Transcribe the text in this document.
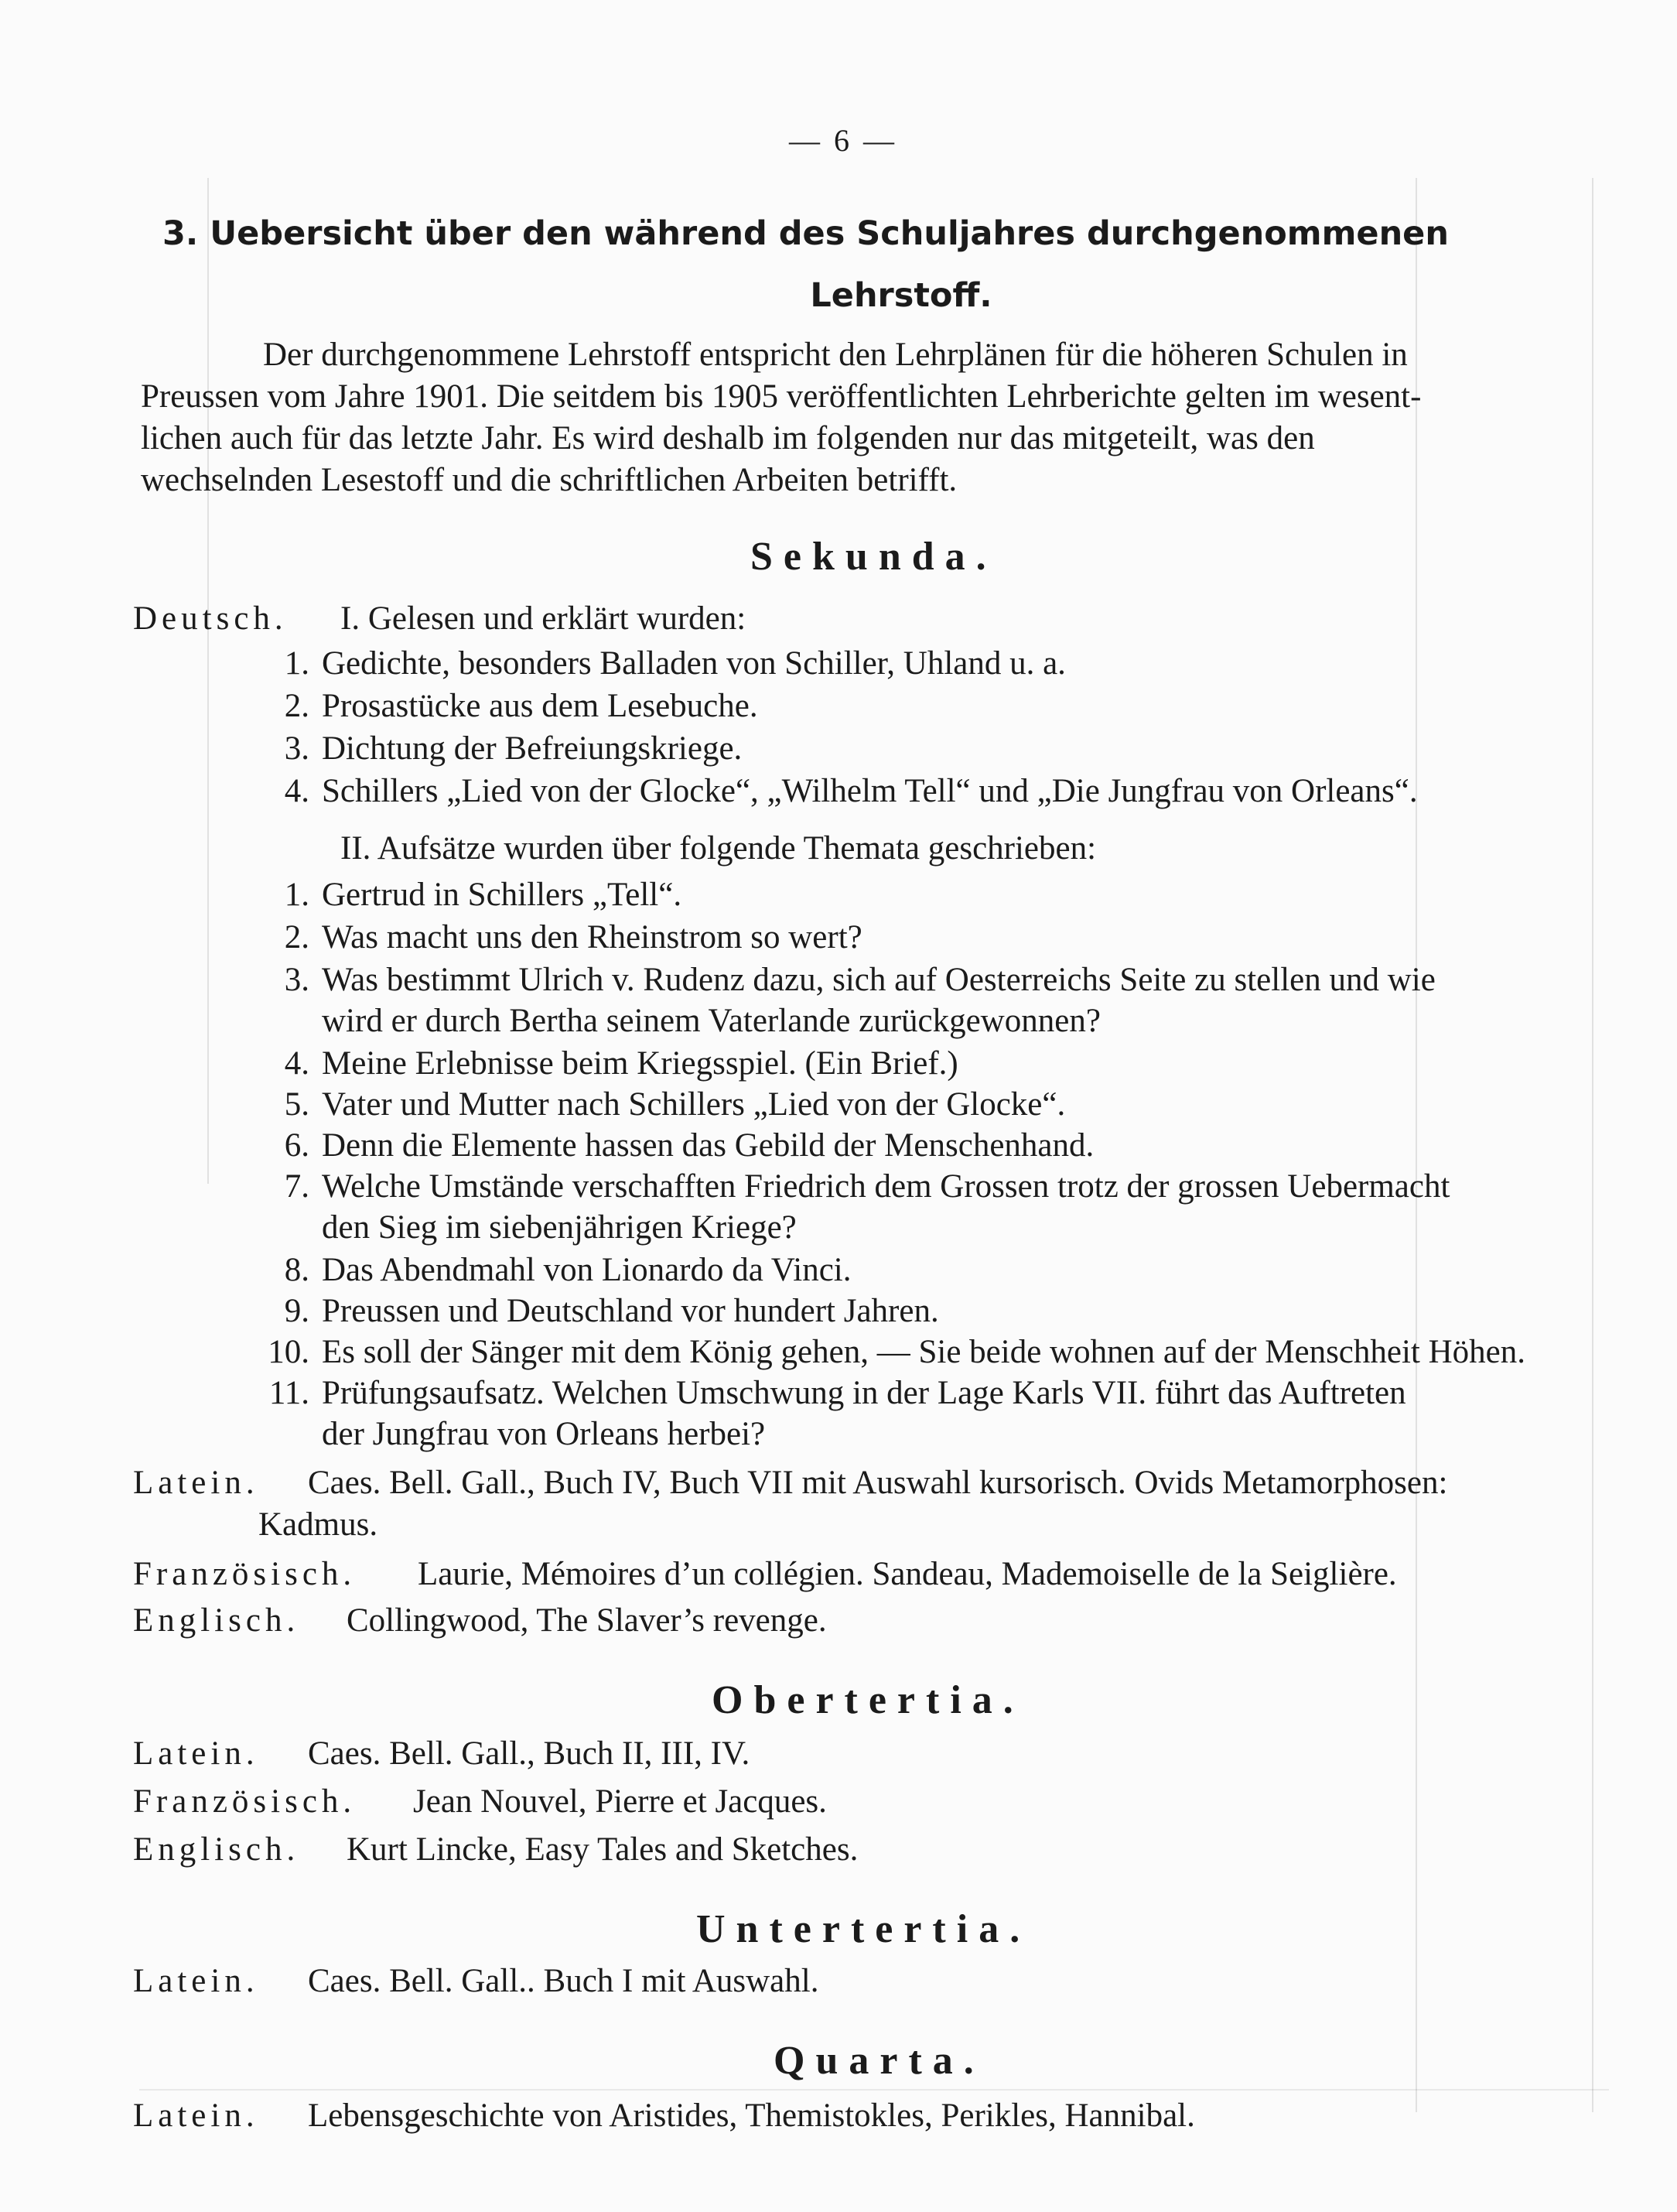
— 6 —
3. Uebersicht über den während des Schuljahres durchgenommenen
Lehrstoff.
Der durchgenommene Lehrstoff entspricht den Lehrplänen für die höheren Schulen in
Preussen vom Jahre 1901. Die seitdem bis 1905 veröffentlichten Lehrberichte gelten im wesent-
lichen auch für das letzte Jahr. Es wird deshalb im folgenden nur das mitgeteilt, was den
wechselnden Lesestoff und die schriftlichen Arbeiten betrifft.
Sekunda.
Deutsch. I. Gelesen und erklärt wurden:
1. Gedichte, besonders Balladen von Schiller, Uhland u. a.
2. Prosastücke aus dem Lesebuche.
3. Dichtung der Befreiungskriege.
4. Schillers „Lied von der Glocke“, „Wilhelm Tell“ und „Die Jungfrau von Orleans“.
II. Aufsätze wurden über folgende Themata geschrieben:
1. Gertrud in Schillers „Tell“.
2. Was macht uns den Rheinstrom so wert?
3. Was bestimmt Ulrich v. Rudenz dazu, sich auf Oesterreichs Seite zu stellen und wie
wird er durch Bertha seinem Vaterlande zurückgewonnen?
4. Meine Erlebnisse beim Kriegsspiel. (Ein Brief.)
5. Vater und Mutter nach Schillers „Lied von der Glocke“.
6. Denn die Elemente hassen das Gebild der Menschenhand.
7. Welche Umstände verschafften Friedrich dem Grossen trotz der grossen Uebermacht
den Sieg im siebenjährigen Kriege?
8. Das Abendmahl von Lionardo da Vinci.
9. Preussen und Deutschland vor hundert Jahren.
10. Es soll der Sänger mit dem König gehen, — Sie beide wohnen auf der Menschheit Höhen.
11. Prüfungsaufsatz. Welchen Umschwung in der Lage Karls VII. führt das Auftreten
der Jungfrau von Orleans herbei?
Latein. Caes. Bell. Gall., Buch IV, Buch VII mit Auswahl kursorisch. Ovids Metamorphosen:
Kadmus.
Französisch. Laurie, Mémoires d’un collégien. Sandeau, Mademoiselle de la Seiglière.
Englisch. Collingwood, The Slaver’s revenge.
Obertertia.
Latein. Caes. Bell. Gall., Buch II, III, IV.
Französisch. Jean Nouvel, Pierre et Jacques.
Englisch. Kurt Lincke, Easy Tales and Sketches.
Untertertia.
Latein. Caes. Bell. Gall.. Buch I mit Auswahl.
Quarta.
Latein. Lebensgeschichte von Aristides, Themistokles, Perikles, Hannibal.
